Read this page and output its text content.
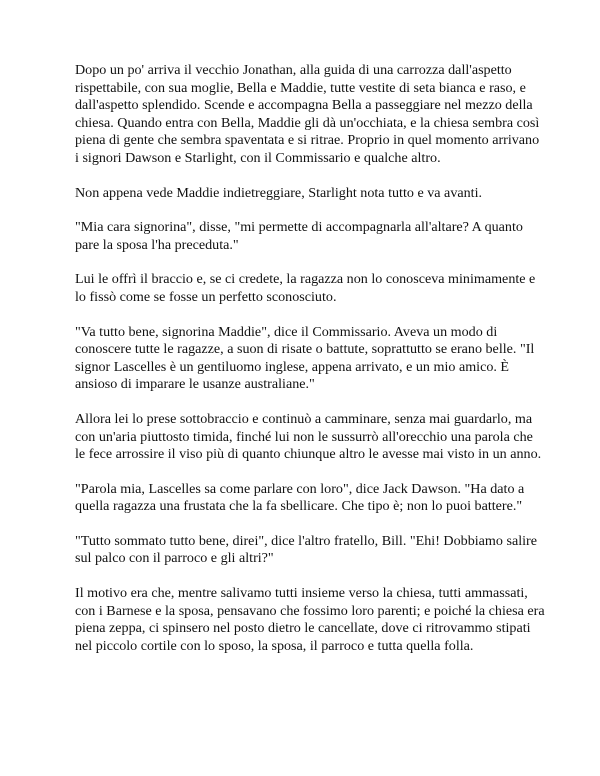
Dopo un po' arriva il vecchio Jonathan, alla guida di una carrozza dall'aspetto rispettabile, con sua moglie, Bella e Maddie, tutte vestite di seta bianca e raso, e dall'aspetto splendido. Scende e accompagna Bella a passeggiare nel mezzo della chiesa. Quando entra con Bella, Maddie gli dà un'occhiata, e la chiesa sembra così piena di gente che sembra spaventata e si ritrae. Proprio in quel momento arrivano i signori Dawson e Starlight, con il Commissario e qualche altro.

Non appena vede Maddie indietreggiare, Starlight nota tutto e va avanti.

"Mia cara signorina", disse, "mi permette di accompagnarla all'altare? A quanto pare la sposa l'ha preceduta."

Lui le offrì il braccio e, se ci credete, la ragazza non lo conosceva minimamente e lo fissò come se fosse un perfetto sconosciuto.

"Va tutto bene, signorina Maddie", dice il Commissario. Aveva un modo di conoscere tutte le ragazze, a suon di risate o battute, soprattutto se erano belle. "Il signor Lascelles è un gentiluomo inglese, appena arrivato, e un mio amico. È ansioso di imparare le usanze australiane."

Allora lei lo prese sottobraccio e continuò a camminare, senza mai guardarlo, ma con un'aria piuttosto timida, finché lui non le sussurrò all'orecchio una parola che le fece arrossire il viso più di quanto chiunque altro le avesse mai visto in un anno.

"Parola mia, Lascelles sa come parlare con loro", dice Jack Dawson. "Ha dato a quella ragazza una frustata che la fa sbellicare. Che tipo è; non lo puoi battere."

"Tutto sommato tutto bene, direi", dice l'altro fratello, Bill. "Ehi! Dobbiamo salire sul palco con il parroco e gli altri?"

Il motivo era che, mentre salivamo tutti insieme verso la chiesa, tutti ammassati, con i Barnese e la sposa, pensavano che fossimo loro parenti; e poiché la chiesa era piena zeppa, ci spinsero nel posto dietro le cancellate, dove ci ritrovammo stipati nel piccolo cortile con lo sposo, la sposa, il parroco e tutta quella folla.
